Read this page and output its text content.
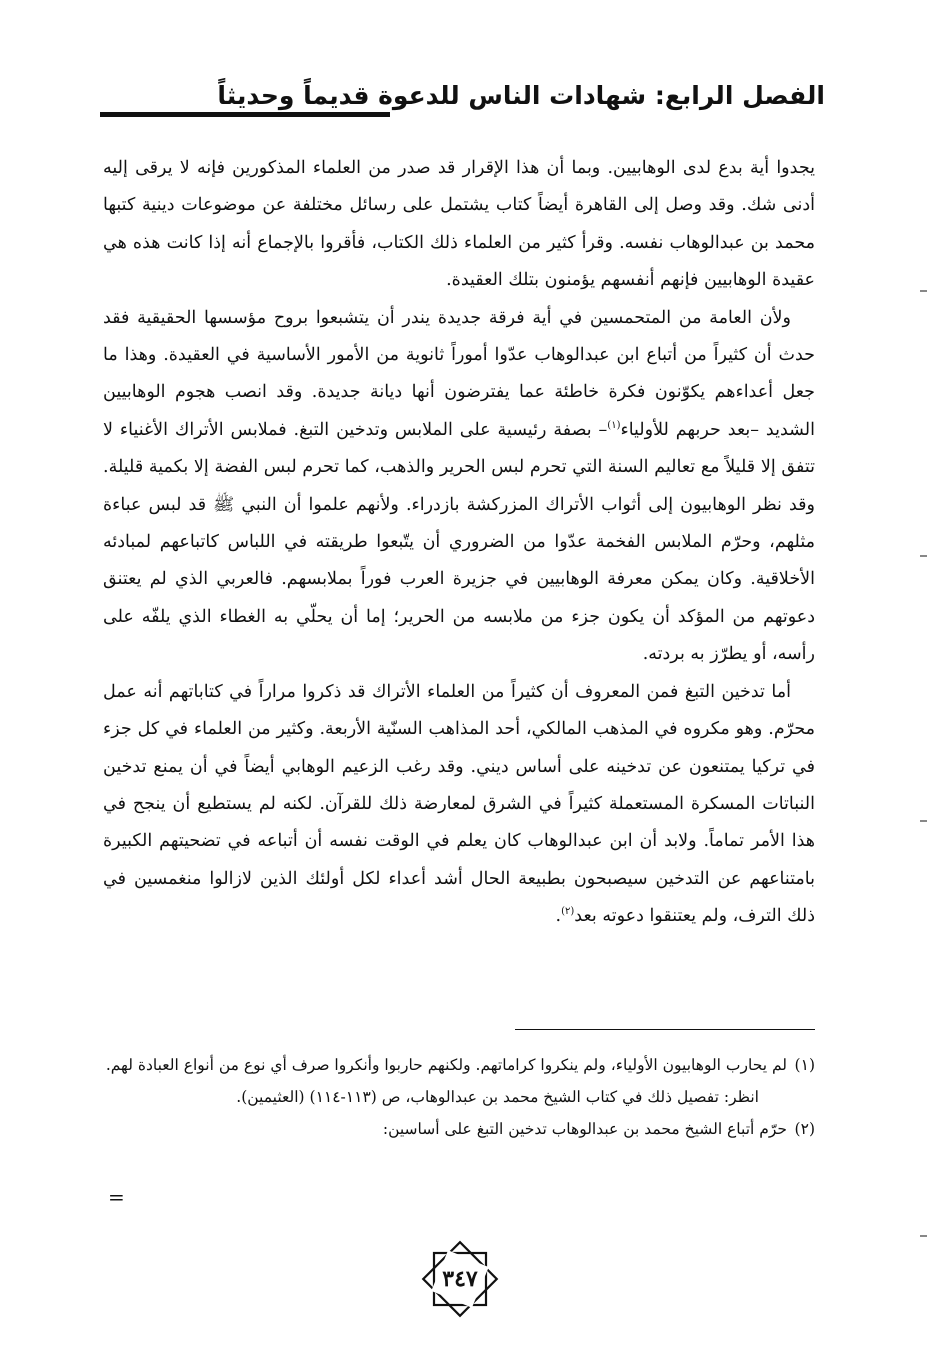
الفصل الرابع: شهادات الناس للدعوة قديماً وحديثاً

يجدوا أية بدع لدى الوهابيين. وبما أن هذا الإقرار قد صدر من العلماء المذكورين فإنه لا يرقى إليه أدنى شك. وقد وصل إلى القاهرة أيضاً كتاب يشتمل على رسائل مختلفة عن موضوعات دينية كتبها محمد بن عبدالوهاب نفسه. وقرأ كثير من العلماء ذلك الكتاب، فأقروا بالإجماع أنه إذا كانت هذه هي عقيدة الوهابيين فإنهم أنفسهم يؤمنون بتلك العقيدة.

ولأن العامة من المتحمسين في أية فرقة جديدة يندر أن يتشبعوا بروح مؤسسها الحقيقية فقد حدث أن كثيراً من أتباع ابن عبدالوهاب عدّوا أموراً ثانوية من الأمور الأساسية في العقيدة. وهذا ما جعل أعداءهم يكوّنون فكرة خاطئة عما يفترضون أنها ديانة جديدة. وقد انصب هجوم الوهابيين الشديد –بعد حربهم للأولياء$^{(١)}$– بصفة رئيسية على الملابس وتدخين التبغ. فملابس الأتراك الأغنياء لا تتفق إلا قليلاً مع تعاليم السنة التي تحرم لبس الحرير والذهب، كما تحرم لبس الفضة إلا بكمية قليلة. وقد نظر الوهابيون إلى أثواب الأتراك المزركشة بازدراء. ولأنهم علموا أن النبي ﷺ قد لبس عباءة مثلهم، وحرّم الملابس الفخمة عدّوا من الضروري أن يتّبعوا طريقته في اللباس كاتباعهم لمبادئه الأخلاقية. وكان يمكن معرفة الوهابيين في جزيرة العرب فوراً بملابسهم. فالعربي الذي لم يعتنق دعوتهم من المؤكد أن يكون جزء من ملابسه من الحرير؛ إما أن يحلّي به الغطاء الذي يلفّه على رأسه، أو يطرّز به بردته.

أما تدخين التبغ فمن المعروف أن كثيراً من العلماء الأتراك قد ذكروا مراراً في كتاباتهم أنه عمل محرّم. وهو مكروه في المذهب المالكي، أحد المذاهب السنّية الأربعة. وكثير من العلماء في كل جزء في تركيا يمتنعون عن تدخينه على أساس ديني. وقد رغب الزعيم الوهابي أيضاً في أن يمنع تدخين النباتات المسكرة المستعملة كثيراً في الشرق لمعارضة ذلك للقرآن. لكنه لم يستطيع أن ينجح في هذا الأمر تماماً. ولابد أن ابن عبدالوهاب كان يعلم في الوقت نفسه أن أتباعه في تضحيتهم الكبيرة بامتناعهم عن التدخين سيصبحون بطبيعة الحال أشد أعداء لكل أولئك الذين لازالوا منغمسين في ذلك الترف، ولم يعتنقوا دعوته بعد$^{(٢)}$.

(١)لم يحارب الوهابيون الأولياء، ولم ينكروا كراماتهم. ولكنهم حاربوا وأنكروا صرف أي نوع من أنواع العبادة لهم.

انظر: تفصيل ذلك في كتاب الشيخ محمد بن عبدالوهاب، ص (١١٣-١١٤) (العثيمين).

(٢)حرّم أتباع الشيخ محمد بن عبدالوهاب تدخين التبغ على أساسين:

=
٣٤٧
